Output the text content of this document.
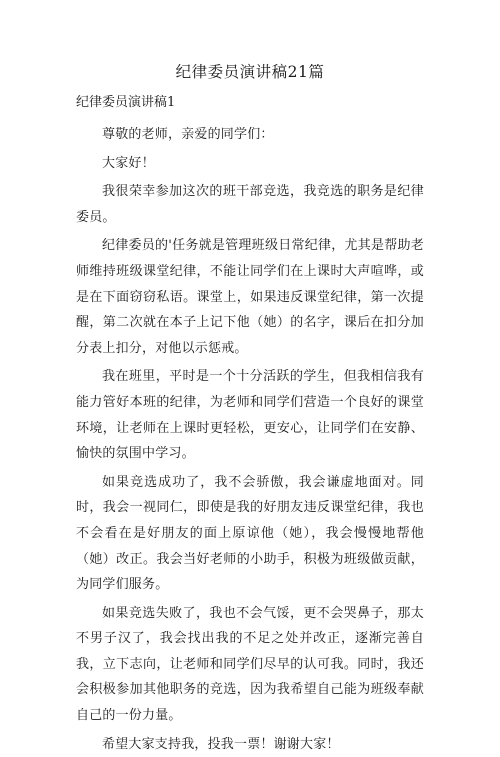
纪律委员演讲稿21篇
纪律委员演讲稿1

尊敬的老师，亲爱的同学们：

大家好！

我很荣幸参加这次的班干部竞选，我竞选的职务是纪律委员。

纪律委员的'任务就是管理班级日常纪律，尤其是帮助老师维持班级课堂纪律，不能让同学们在上课时大声喧哗，或是在下面窃窃私语。课堂上，如果违反课堂纪律，第一次提醒，第二次就在本子上记下他（她）的名字，课后在扣分加分表上扣分，对他以示惩戒。

我在班里，平时是一个十分活跃的学生，但我相信我有能力管好本班的纪律，为老师和同学们营造一个良好的课堂环境，让老师在上课时更轻松，更安心，让同学们在安静、愉快的氛围中学习。

如果竞选成功了，我不会骄傲，我会谦虚地面对。同时，我会一视同仁，即使是我的好朋友违反课堂纪律，我也不会看在是好朋友的面上原谅他（她），我会慢慢地帮他（她）改正。我会当好老师的小助手，积极为班级做贡献，为同学们服务。

如果竞选失败了，我也不会气馁，更不会哭鼻子，那太不男子汉了，我会找出我的不足之处并改正，逐渐完善自我，立下志向，让老师和同学们尽早的认可我。同时，我还会积极参加其他职务的竞选，因为我希望自己能为班级奉献自己的一份力量。

希望大家支持我，投我一票！谢谢大家！
